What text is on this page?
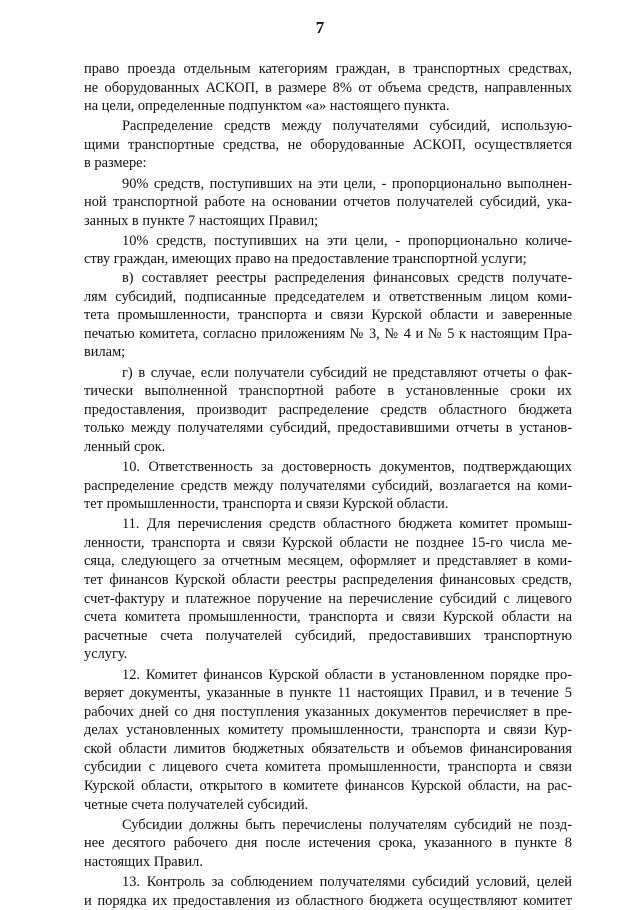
7
право проезда отдельным категориям граждан, в транспортных средствах,
не оборудованных АСКОП, в размере 8% от объема средств, направленных
на цели, определенные подпунктом «а» настоящего пункта.
Распределение средств между получателями субсидий, использую-
щими транспортные средства, не оборудованные АСКОП, осуществляется
в размере:
90% средств, поступивших на эти цели, - пропорционально выполнен-
ной транспортной работе на основании отчетов получателей субсидий, ука-
занных в пункте 7 настоящих Правил;
10% средств, поступивших на эти цели, - пропорционально количе-
ству граждан, имеющих право на предоставление транспортной услуги;
в) составляет реестры распределения финансовых средств получате-
лям субсидий, подписанные председателем и ответственным лицом коми-
тета промышленности, транспорта и связи Курской области и заверенные
печатью комитета, согласно приложениям № 3, № 4 и № 5 к настоящим Пра-
вилам;
г) в случае, если получатели субсидий не представляют отчеты о фак-
тически выполненной транспортной работе в установленные сроки их
предоставления, производит распределение средств областного бюджета
только между получателями субсидий, предоставившими отчеты в установ-
ленный срок.
10. Ответственность за достоверность документов, подтверждающих
распределение средств между получателями субсидий, возлагается на коми-
тет промышленности, транспорта и связи Курской области.
11. Для перечисления средств областного бюджета комитет промыш-
ленности, транспорта и связи Курской области не позднее 15-го числа ме-
сяца, следующего за отчетным месяцем, оформляет и представляет в коми-
тет финансов Курской области реестры распределения финансовых средств,
счет-фактуру и платежное поручение на перечисление субсидий с лицевого
счета комитета промышленности, транспорта и связи Курской области на
расчетные счета получателей субсидий, предоставивших транспортную
услугу.
12. Комитет финансов Курской области в установленном порядке про-
веряет документы, указанные в пункте 11 настоящих Правил, и в течение 5
рабочих дней со дня поступления указанных документов перечисляет в пре-
делах установленных комитету промышленности, транспорта и связи Кур-
ской области лимитов бюджетных обязательств и объемов финансирования
субсидии с лицевого счета комитета промышленности, транспорта и связи
Курской области, открытого в комитете финансов Курской области, на рас-
четные счета получателей субсидий.
Субсидии должны быть перечислены получателям субсидий не позд-
нее десятого рабочего дня после истечения срока, указанного в пункте 8
настоящих Правил.
13. Контроль за соблюдением получателями субсидий условий, целей
и порядка их предоставления из областного бюджета осуществляют комитет
